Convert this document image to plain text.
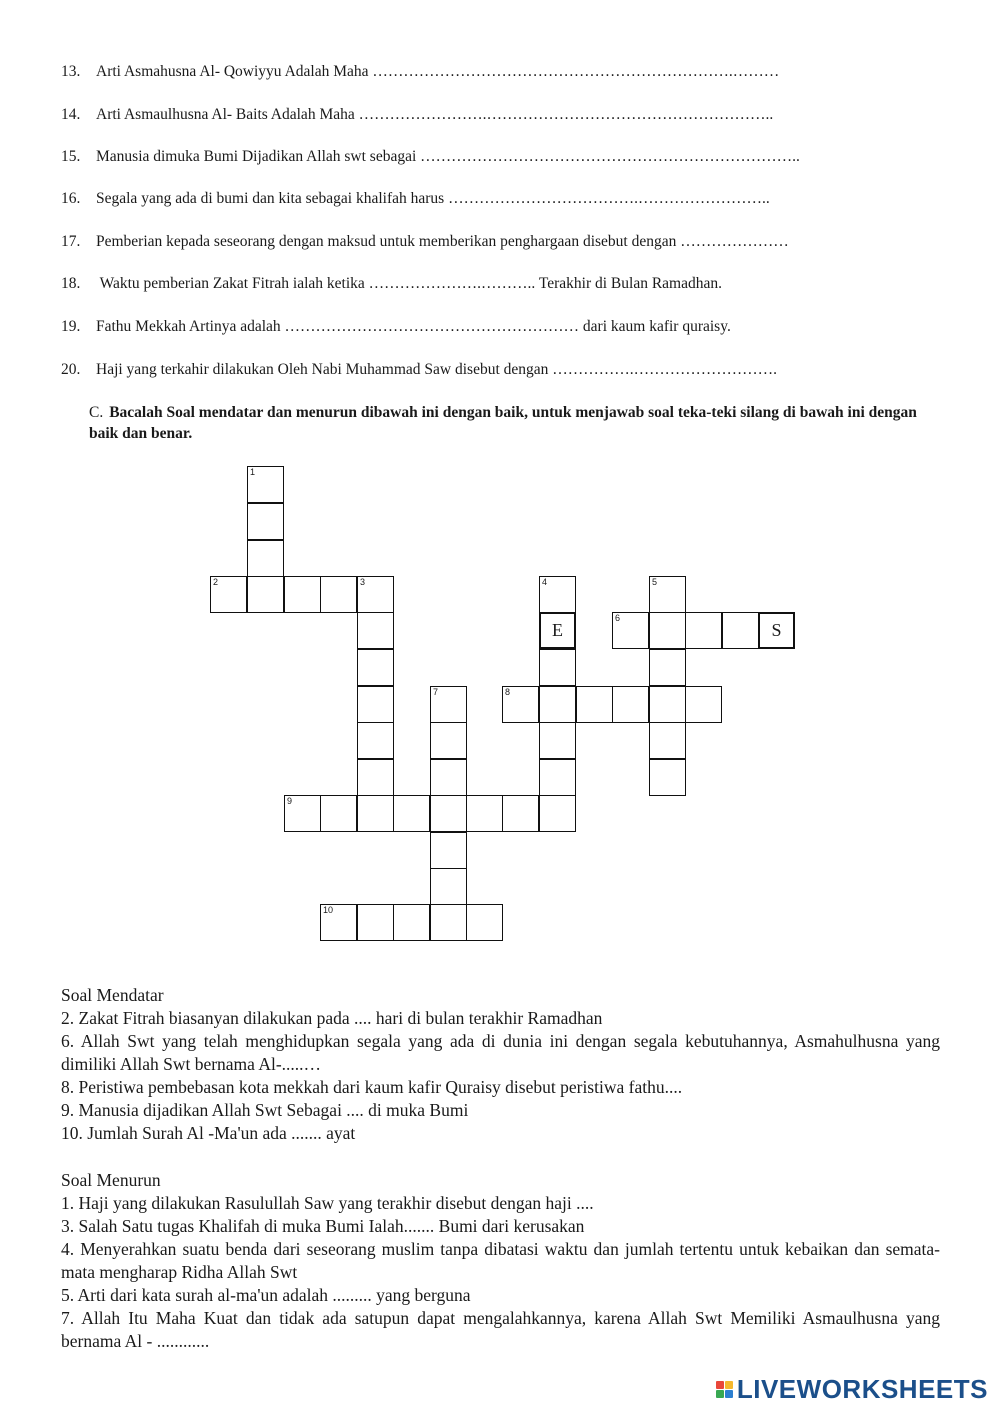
13. Arti Asmahusna Al- Qowiyyu Adalah Maha …………………………………………………………….………
14. Arti Asmaulhusna Al- Baits Adalah Maha …………………….………………………………………………..
15. Manusia dimuka Bumi Dijadikan Allah swt sebagai ………………………………………………………………..
16. Segala yang ada di bumi dan kita sebagai khalifah harus ……………………………….……………………..
17. Pemberian kepada seseorang dengan maksud untuk memberikan penghargaan disebut dengan …………………
18. Waktu pemberian Zakat Fitrah ialah ketika ………………….……….. Terakhir di Bulan Ramadhan.
19. Fathu Mekkah Artinya adalah ………………………………………………… dari kaum kafir quraisy.
20. Haji yang terkahir dilakukan Oleh Nabi Muhammad Saw disebut dengan …………….……………………….
C. Bacalah Soal mendatar dan menurun dibawah ini dengan baik, untuk menjawab soal teka-teki silang di bawah ini dengan baik dan benar.
1
2	3	4
E
5
6
S
7	8
9
10

Soal Mendatar

2. Zakat Fitrah biasanyan dilakukan pada .... hari di bulan terakhir Ramadhan

6. Allah Swt yang telah menghidupkan segala yang ada di dunia ini dengan segala kebutuhannya, Asmahulhusna yang dimiliki Allah Swt bernama Al-.....…

8. Peristiwa pembebasan kota mekkah dari kaum kafir Quraisy disebut peristiwa fathu....

9. Manusia dijadikan Allah Swt Sebagai .... di muka Bumi

10. Jumlah Surah Al -Ma'un ada ....... ayat

Soal Menurun

1. Haji yang dilakukan Rasulullah Saw yang terakhir disebut dengan haji ....

3. Salah Satu tugas Khalifah di muka Bumi Ialah....... Bumi dari kerusakan

4. Menyerahkan suatu benda dari seseorang muslim tanpa dibatasi waktu dan jumlah tertentu untuk kebaikan dan semata-mata mengharap Ridha Allah Swt

5. Arti dari kata surah al-ma'un adalah ......... yang berguna

7. Allah Itu Maha Kuat dan tidak ada satupun dapat mengalahkannya, karena Allah Swt Memiliki Asmaulhusna yang bernama Al - ............

LIVEWORKSHEETS
